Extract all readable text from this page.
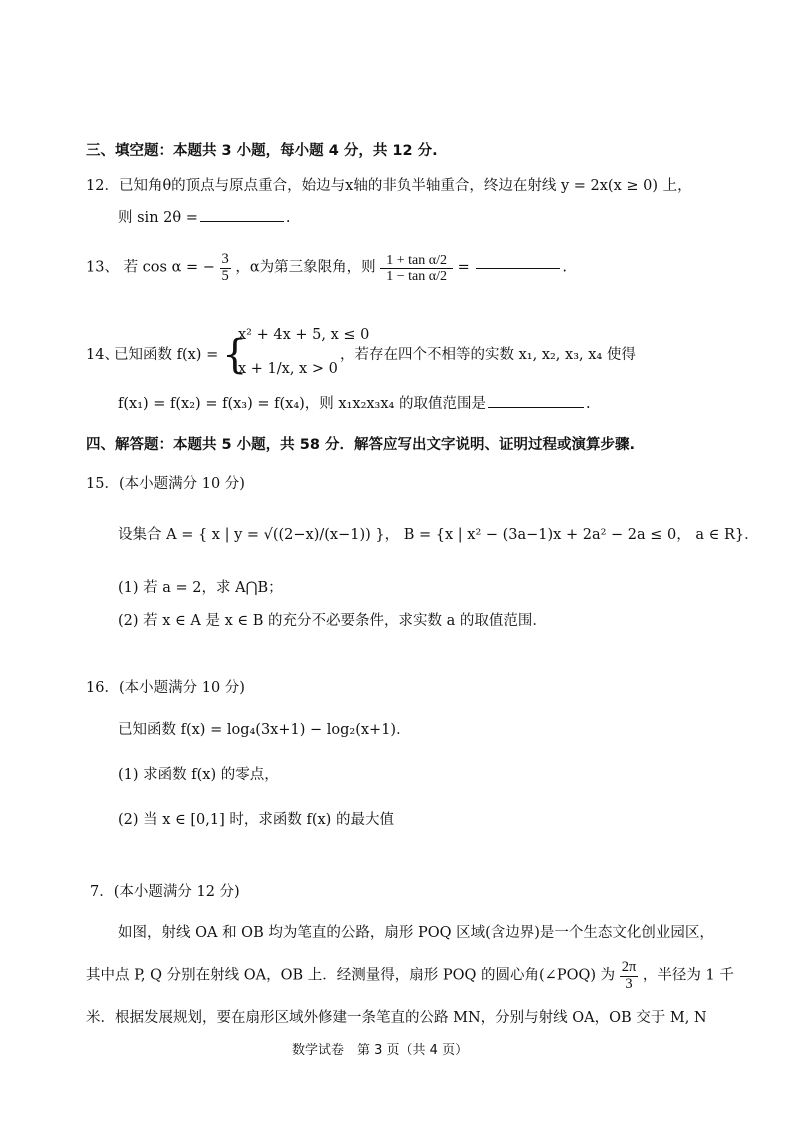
三、填空题：本题共 3 小题，每小题 4 分，共 12 分.
12．已知角θ的顶点与原点重合，始边与x轴的非负半轴重合，终边在射线 y = 2x(x ≥ 0) 上，
则 sin 2θ =	.
13、 若 cos α = − $\frac{3}{5}$ ，α为第三象限角，则 $\frac{\text{1 + tan α/2}}{\text{1 − tan α/2}}$ =	.
14、
已知函数 f(x) = {
x² + 4x + 5, x ≤ 0
x + 1/x, x > 0
，若存在四个不相等的实数 x₁, x₂, x₃, x₄ 使得
f(x₁) = f(x₂) = f(x₃) = f(x₄)，则 x₁x₂x₃x₄ 的取值范围是	.
四、解答题：本题共 5 小题，共 58 分．解答应写出文字说明、证明过程或演算步骤.
15．(本小题满分 10 分)
设集合 A = { x | y = √((2−x)/(x−1)) }， B = {x | x² − (3a−1)x + 2a² − 2a ≤ 0， a ∈ R}．
(1) 若 a = 2，求 A⋂B；
(2) 若 x ∈ A 是 x ∈ B 的充分不必要条件，求实数 a 的取值范围．
16．(本小题满分 10 分)
已知函数 f(x) = log₄(3x+1) − log₂(x+1)．
(1) 求函数 f(x) 的零点，
(2) 当 x ∈ [0,1] 时，求函数 f(x) 的最大值
7．(本小题满分 12 分)
如图，射线 OA 和 OB 均为笔直的公路，扇形 POQ 区域(含边界)是一个生态文化创业园区，
其中点 P, Q 分别在射线 OA，OB 上．经测量得，扇形 POQ 的圆心角(∠POQ) 为 $\frac{2\pi}{3}$ ，半径为 1 千
米．根据发展规划，要在扇形区域外修建一条笔直的公路 MN，分别与射线 OA，OB 交于 M, N
数学试卷　第 3 页（共 4 页）
